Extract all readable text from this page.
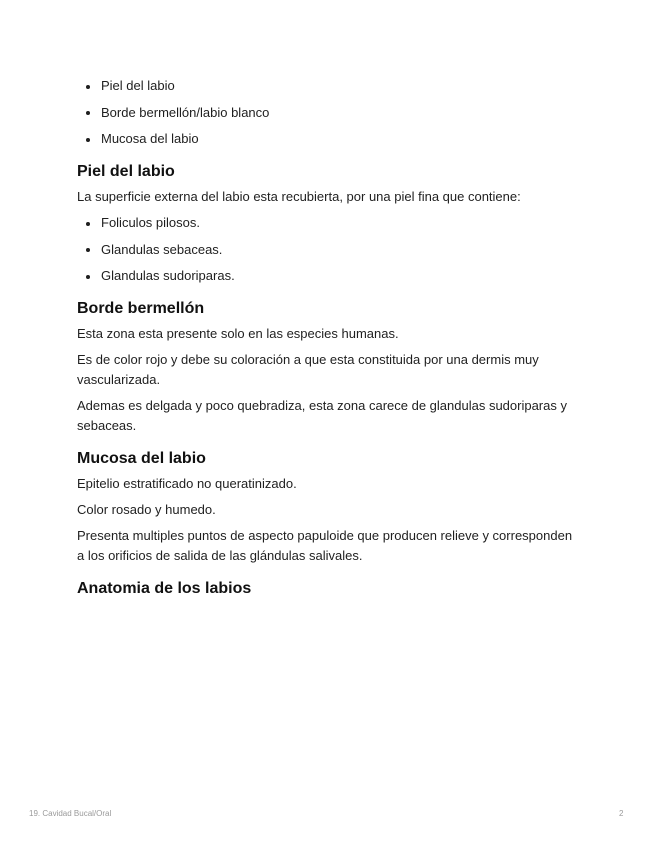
Piel del labio
Borde bermellón/labio blanco
Mucosa del labio
Piel del labio

La superficie externa del labio esta recubierta, por una piel fina que contiene:

Foliculos pilosos.
Glandulas sebaceas.
Glandulas sudoriparas.
Borde bermellón

Esta zona esta presente solo en las especies humanas.

Es de color rojo y debe su coloración a que esta constituida por una dermis muy vascularizada.

Ademas es delgada y poco quebradiza, esta zona carece de glandulas sudoriparas y sebaceas.

Mucosa del labio

Epitelio estratificado no queratinizado.

Color rosado y humedo.

Presenta multiples puntos de aspecto papuloide que producen relieve y corresponden a los orificios de salida de las glándulas salivales.

Anatomia de los labios
19. Cavidad Bucal/Oral	2
